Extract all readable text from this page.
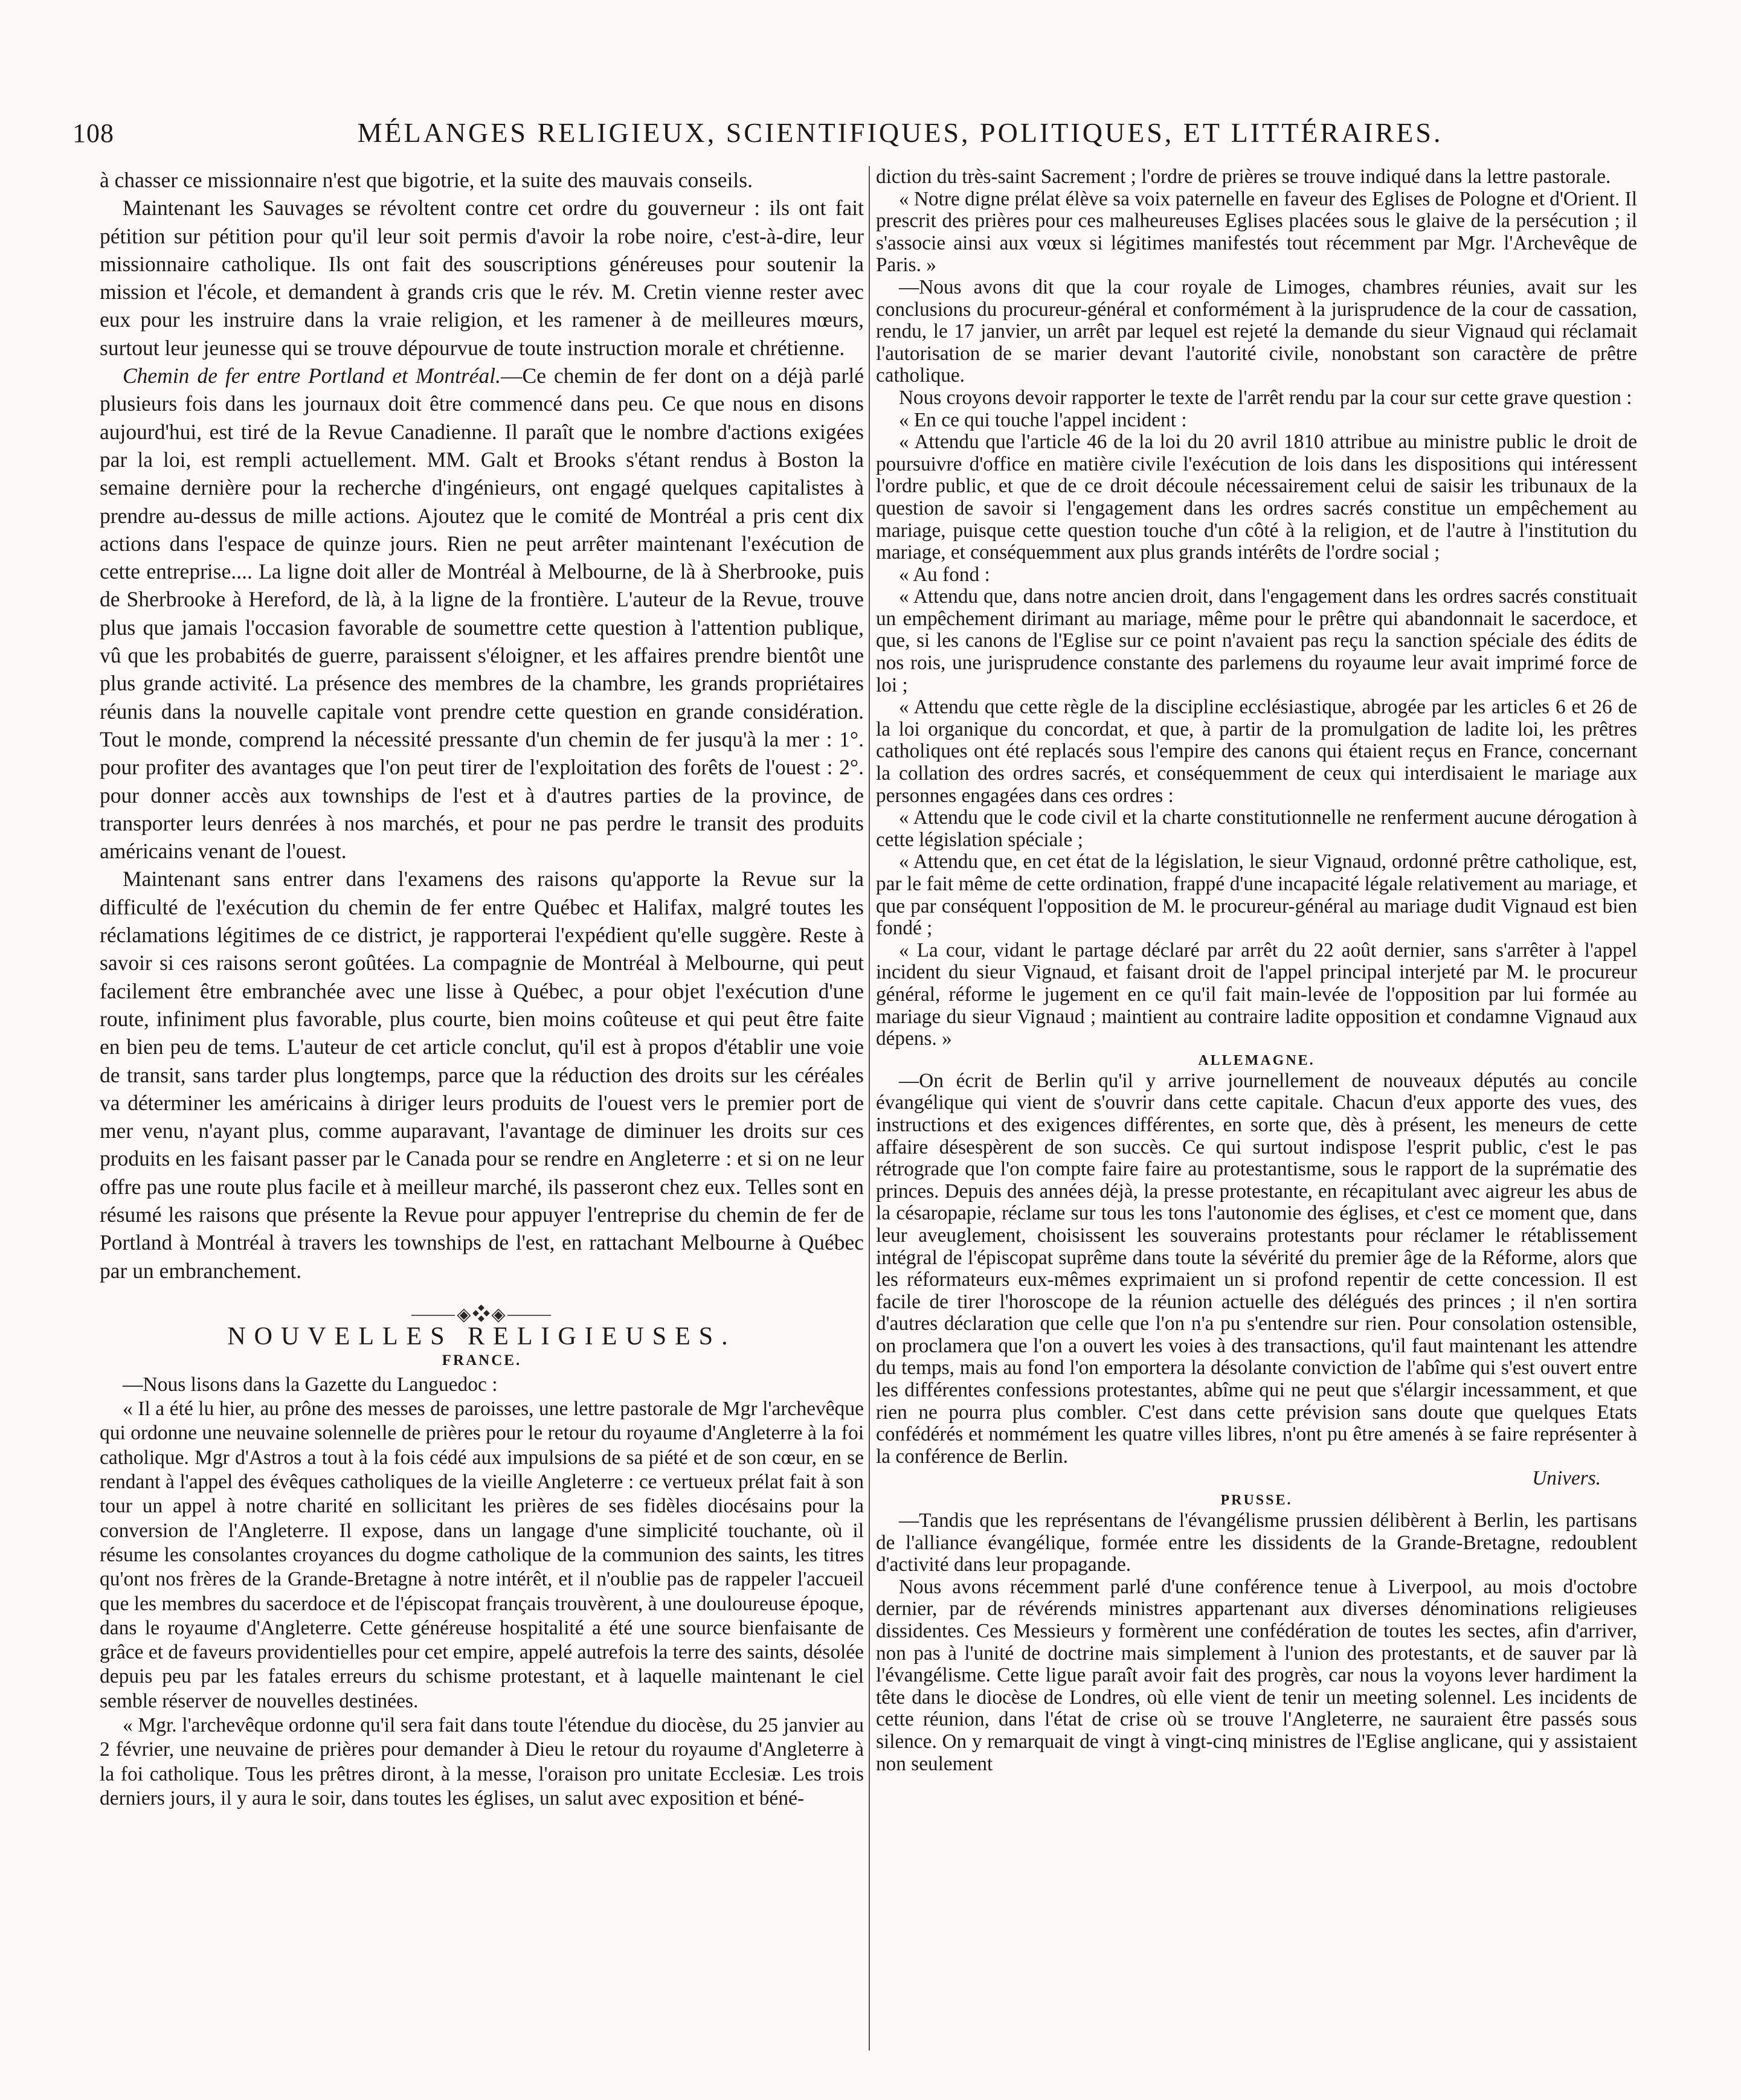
108	MÉLANGES RELIGIEUX, SCIENTIFIQUES, POLITIQUES, ET LITTÉRAIRES.

à chasser ce missionnaire n'est que bigotrie, et la suite des mauvais conseils.

Maintenant les Sauvages se révoltent contre cet ordre du gouverneur : ils ont fait pétition sur pétition pour qu'il leur soit permis d'avoir la robe noire, c'est-à-dire, leur missionnaire catholique. Ils ont fait des souscriptions généreuses pour soutenir la mission et l'école, et demandent à grands cris que le rév. M. Cretin vienne rester avec eux pour les instruire dans la vraie religion, et les ramener à de meilleures mœurs, surtout leur jeunesse qui se trouve dépourvue de toute instruction morale et chrétienne.

Chemin de fer entre Portland et Montréal.—Ce chemin de fer dont on a déjà parlé plusieurs fois dans les journaux doit être commencé dans peu. Ce que nous en disons aujourd'hui, est tiré de la Revue Canadienne. Il paraît que le nombre d'actions exigées par la loi, est rempli actuellement. MM. Galt et Brooks s'étant rendus à Boston la semaine dernière pour la recherche d'ingénieurs, ont engagé quelques capitalistes à prendre au-dessus de mille actions. Ajoutez que le comité de Montréal a pris cent dix actions dans l'espace de quinze jours. Rien ne peut arrêter maintenant l'exécution de cette entreprise.... La ligne doit aller de Montréal à Melbourne, de là à Sherbrooke, puis de Sherbrooke à Hereford, de là, à la ligne de la frontière. L'auteur de la Revue, trouve plus que jamais l'occasion favorable de soumettre cette question à l'attention publique, vû que les probabités de guerre, paraissent s'éloigner, et les affaires prendre bientôt une plus grande activité. La présence des membres de la chambre, les grands propriétaires réunis dans la nouvelle capitale vont prendre cette question en grande considération. Tout le monde, comprend la nécessité pressante d'un chemin de fer jusqu'à la mer : 1°. pour profiter des avantages que l'on peut tirer de l'exploitation des forêts de l'ouest : 2°. pour donner accès aux townships de l'est et à d'autres parties de la province, de transporter leurs denrées à nos marchés, et pour ne pas perdre le transit des produits américains venant de l'ouest.

Maintenant sans entrer dans l'examens des raisons qu'apporte la Revue sur la difficulté de l'exécution du chemin de fer entre Québec et Halifax, malgré toutes les réclamations légitimes de ce district, je rapporterai l'expédient qu'elle suggère. Reste à savoir si ces raisons seront goûtées. La compagnie de Montréal à Melbourne, qui peut facilement être embranchée avec une lisse à Québec, a pour objet l'exécution d'une route, infiniment plus favorable, plus courte, bien moins coûteuse et qui peut être faite en bien peu de tems. L'auteur de cet article conclut, qu'il est à propos d'établir une voie de transit, sans tarder plus longtemps, parce que la réduction des droits sur les céréales va déterminer les américains à diriger leurs produits de l'ouest vers le premier port de mer venu, n'ayant plus, comme auparavant, l'avantage de diminuer les droits sur ces produits en les faisant passer par le Canada pour se rendre en Angleterre : et si on ne leur offre pas une route plus facile et à meilleur marché, ils passeront chez eux. Telles sont en résumé les raisons que présente la Revue pour appuyer l'entreprise du chemin de fer de Portland à Montréal à travers les townships de l'est, en rattachant Melbourne à Québec par un embranchement.

⸻◈❖◈⸻
NOUVELLES RELIGIEUSES.
FRANCE.

—Nous lisons dans la Gazette du Languedoc :

« Il a été lu hier, au prône des messes de paroisses, une lettre pastorale de Mgr l'archevêque qui ordonne une neuvaine solennelle de prières pour le retour du royaume d'Angleterre à la foi catholique. Mgr d'Astros a tout à la fois cédé aux impulsions de sa piété et de son cœur, en se rendant à l'appel des évêques catholiques de la vieille Angleterre : ce vertueux prélat fait à son tour un appel à notre charité en sollicitant les prières de ses fidèles diocésains pour la conversion de l'Angleterre. Il expose, dans un langage d'une simplicité touchante, où il résume les consolantes croyances du dogme catholique de la communion des saints, les titres qu'ont nos frères de la Grande-Bretagne à notre intérêt, et il n'oublie pas de rappeler l'accueil que les membres du sacerdoce et de l'épiscopat français trouvèrent, à une douloureuse époque, dans le royaume d'Angleterre. Cette généreuse hospitalité a été une source bienfaisante de grâce et de faveurs providentielles pour cet empire, appelé autrefois la terre des saints, désolée depuis peu par les fatales erreurs du schisme protestant, et à laquelle maintenant le ciel semble réserver de nouvelles destinées.

« Mgr. l'archevêque ordonne qu'il sera fait dans toute l'étendue du diocèse, du 25 janvier au 2 février, une neuvaine de prières pour demander à Dieu le retour du royaume d'Angleterre à la foi catholique. Tous les prêtres diront, à la messe, l'oraison pro unitate Ecclesiæ. Les trois derniers jours, il y aura le soir, dans toutes les églises, un salut avec exposition et béné-

diction du très-saint Sacrement ; l'ordre de prières se trouve indiqué dans la lettre pastorale.

« Notre digne prélat élève sa voix paternelle en faveur des Eglises de Pologne et d'Orient. Il prescrit des prières pour ces malheureuses Eglises placées sous le glaive de la persécution ; il s'associe ainsi aux vœux si légitimes manifestés tout récemment par Mgr. l'Archevêque de Paris. »

—Nous avons dit que la cour royale de Limoges, chambres réunies, avait sur les conclusions du procureur-général et conformément à la jurisprudence de la cour de cassation, rendu, le 17 janvier, un arrêt par lequel est rejeté la demande du sieur Vignaud qui réclamait l'autorisation de se marier devant l'autorité civile, nonobstant son caractère de prêtre catholique.

Nous croyons devoir rapporter le texte de l'arrêt rendu par la cour sur cette grave question :

« En ce qui touche l'appel incident :

« Attendu que l'article 46 de la loi du 20 avril 1810 attribue au ministre public le droit de poursuivre d'office en matière civile l'exécution de lois dans les dispositions qui intéressent l'ordre public, et que de ce droit découle nécessairement celui de saisir les tribunaux de la question de savoir si l'engagement dans les ordres sacrés constitue un empêchement au mariage, puisque cette question touche d'un côté à la religion, et de l'autre à l'institution du mariage, et conséquemment aux plus grands intérêts de l'ordre social ;

« Au fond :

« Attendu que, dans notre ancien droit, dans l'engagement dans les ordres sacrés constituait un empêchement dirimant au mariage, même pour le prêtre qui abandonnait le sacerdoce, et que, si les canons de l'Eglise sur ce point n'avaient pas reçu la sanction spéciale des édits de nos rois, une jurisprudence constante des parlemens du royaume leur avait imprimé force de loi ;

« Attendu que cette règle de la discipline ecclésiastique, abrogée par les articles 6 et 26 de la loi organique du concordat, et que, à partir de la promulgation de ladite loi, les prêtres catholiques ont été replacés sous l'empire des canons qui étaient reçus en France, concernant la collation des ordres sacrés, et conséquemment de ceux qui interdisaient le mariage aux personnes engagées dans ces ordres :

« Attendu que le code civil et la charte constitutionnelle ne renferment aucune dérogation à cette législation spéciale ;

« Attendu que, en cet état de la législation, le sieur Vignaud, ordonné prêtre catholique, est, par le fait même de cette ordination, frappé d'une incapacité légale relativement au mariage, et que par conséquent l'opposition de M. le procureur-général au mariage dudit Vignaud est bien fondé ;

« La cour, vidant le partage déclaré par arrêt du 22 août dernier, sans s'arrêter à l'appel incident du sieur Vignaud, et faisant droit de l'appel principal interjeté par M. le procureur général, réforme le jugement en ce qu'il fait main-levée de l'opposition par lui formée au mariage du sieur Vignaud ; maintient au contraire ladite opposition et condamne Vignaud aux dépens. »

ALLEMAGNE.

—On écrit de Berlin qu'il y arrive journellement de nouveaux députés au concile évangélique qui vient de s'ouvrir dans cette capitale. Chacun d'eux apporte des vues, des instructions et des exigences différentes, en sorte que, dès à présent, les meneurs de cette affaire désespèrent de son succès. Ce qui surtout indispose l'esprit public, c'est le pas rétrograde que l'on compte faire faire au protestantisme, sous le rapport de la suprématie des princes. Depuis des années déjà, la presse protestante, en récapitulant avec aigreur les abus de la césaropapie, réclame sur tous les tons l'autonomie des églises, et c'est ce moment que, dans leur aveuglement, choisissent les souverains protestants pour réclamer le rétablissement intégral de l'épiscopat suprême dans toute la sévérité du premier âge de la Réforme, alors que les réformateurs eux-mêmes exprimaient un si profond repentir de cette concession. Il est facile de tirer l'horoscope de la réunion actuelle des délégués des princes ; il n'en sortira d'autres déclaration que celle que l'on n'a pu s'entendre sur rien. Pour consolation ostensible, on proclamera que l'on a ouvert les voies à des transactions, qu'il faut maintenant les attendre du temps, mais au fond l'on emportera la désolante conviction de l'abîme qui s'est ouvert entre les différentes confessions protestantes, abîme qui ne peut que s'élargir incessamment, et que rien ne pourra plus combler. C'est dans cette prévision sans doute que quelques Etats confédérés et nommément les quatre villes libres, n'ont pu être amenés à se faire représenter à la conférence de Berlin.

Univers.

PRUSSE.

—Tandis que les représentans de l'évangélisme prussien délibèrent à Berlin, les partisans de l'alliance évangélique, formée entre les dissidents de la Grande-Bretagne, redoublent d'activité dans leur propagande.

Nous avons récemment parlé d'une conférence tenue à Liverpool, au mois d'octobre dernier, par de révérends ministres appartenant aux diverses dénominations religieuses dissidentes. Ces Messieurs y formèrent une confédération de toutes les sectes, afin d'arriver, non pas à l'unité de doctrine mais simplement à l'union des protestants, et de sauver par là l'évangélisme. Cette ligue paraît avoir fait des progrès, car nous la voyons lever hardiment la tête dans le diocèse de Londres, où elle vient de tenir un meeting solennel. Les incidents de cette réunion, dans l'état de crise où se trouve l'Angleterre, ne sauraient être passés sous silence. On y remarquait de vingt à vingt-cinq ministres de l'Eglise anglicane, qui y assistaient non seulement
